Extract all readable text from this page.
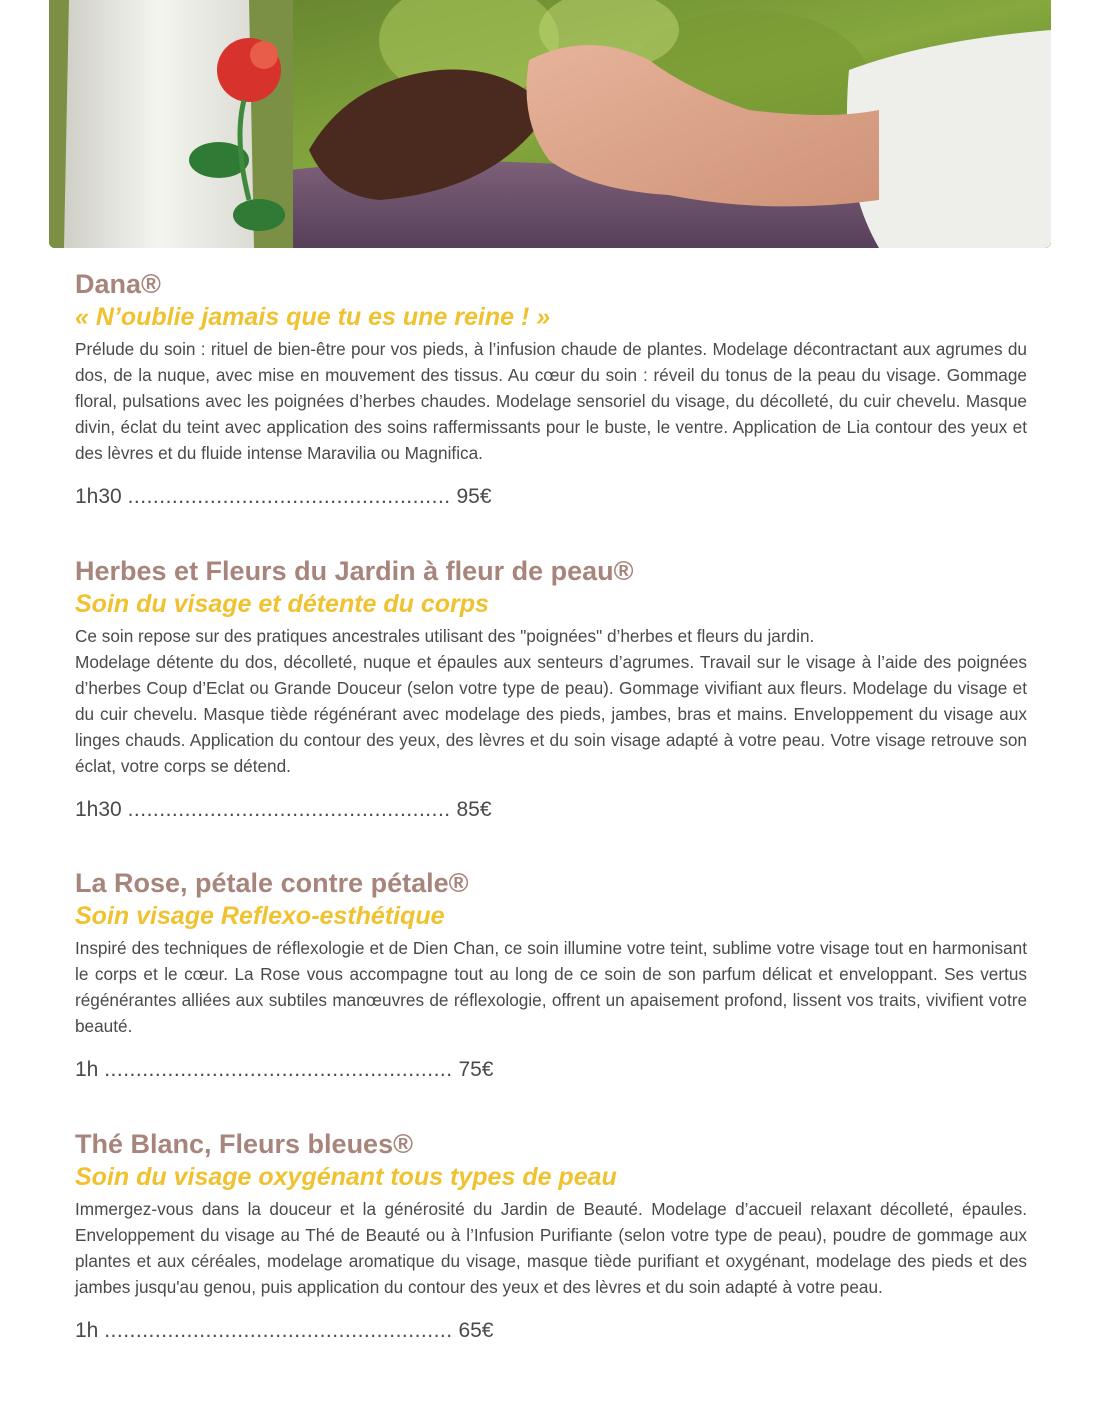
Dana®
« N’oublie jamais que tu es une reine ! »

Prélude du soin : rituel de bien-être pour vos pieds, à l’infusion chaude de plantes. Modelage décontractant aux agrumes du dos, de la nuque, avec mise en mouvement des tissus. Au cœur du soin : réveil du tonus de la peau du visage. Gommage floral, pulsations avec les poignées d’herbes chaudes. Modelage sensoriel du visage, du décolleté, du cuir chevelu. Masque divin, éclat du teint avec application des soins raffermissants pour le buste, le ventre. Application de Lia contour des yeux et des lèvres et du fluide intense Maravilia ou Magnifica.

1h30 ................................................... 95€
Herbes et Fleurs du Jardin à fleur de peau®
Soin du visage et détente du corps

Ce soin repose sur des pratiques ancestrales utilisant des "poignées" d’herbes et fleurs du jardin.

Modelage détente du dos, décolleté, nuque et épaules aux senteurs d’agrumes. Travail sur le visage à l’aide des poignées d’herbes Coup d’Eclat ou Grande Douceur (selon votre type de peau). Gommage vivifiant aux fleurs. Modelage du visage et du cuir chevelu. Masque tiède régénérant avec modelage des pieds, jambes, bras et mains. Enveloppement du visage aux linges chauds. Application du contour des yeux, des lèvres et du soin visage adapté à votre peau. Votre visage retrouve son éclat, votre corps se détend.

1h30 ................................................... 85€
La Rose, pétale contre pétale®
Soin visage Reflexo-esthétique

Inspiré des techniques de réflexologie et de Dien Chan, ce soin illumine votre teint, sublime votre visage tout en harmonisant le corps et le cœur. La Rose vous accompagne tout au long de ce soin de son parfum délicat et enveloppant. Ses vertus régénérantes alliées aux subtiles manœuvres de réflexologie, offrent un apaisement profond, lissent vos traits, vivifient votre beauté.

1h ....................................................... 75€
Thé Blanc, Fleurs bleues®
Soin du visage oxygénant tous types de peau

Immergez-vous dans la douceur et la générosité du Jardin de Beauté. Modelage d’accueil relaxant décolleté, épaules. Enveloppement du visage au Thé de Beauté ou à l’Infusion Purifiante (selon votre type de peau), poudre de gommage aux plantes et aux céréales, modelage aromatique du visage, masque tiède purifiant et oxygénant, modelage des pieds et des jambes jusqu'au genou, puis application du contour des yeux et des lèvres et du soin adapté à votre peau.

1h ....................................................... 65€
